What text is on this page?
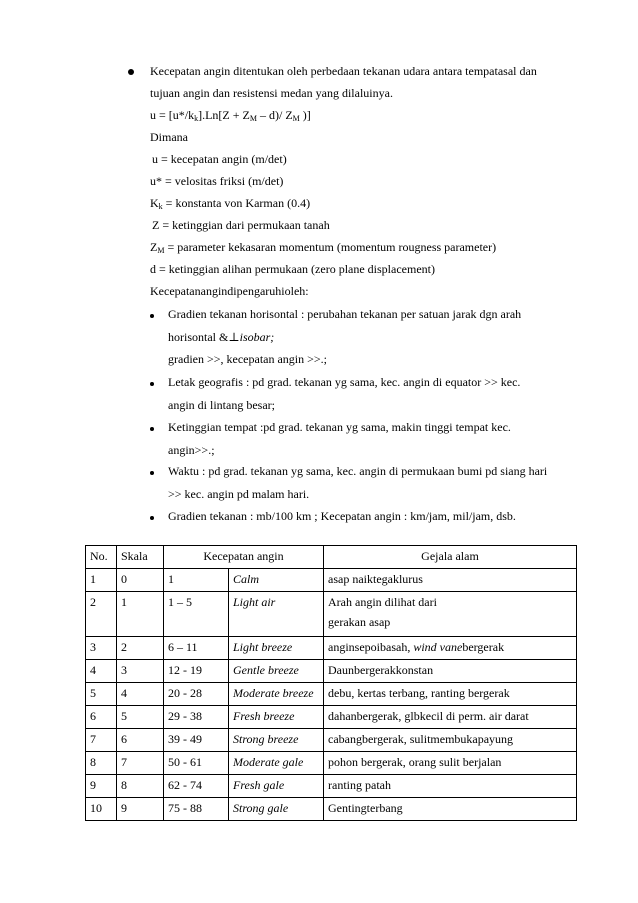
Kecepatan angin ditentukan oleh perbedaan tekanan udara antara tempatasal dan
tujuan angin dan resistensi medan yang dilaluinya.
$u = [u*/k_k].Ln[Z + Z_M - d)/$ $Z_M$ )]
Dimana
u = kecepatan angin (m/det)
u* = velositas friksi (m/det)
$K_k$ = konstanta von Karman (0.4)
Z = ketinggian dari permukaan tanah
$Z_M$ = parameter kekasaran momentum (momentum rougness parameter)
d = ketinggian alihan permukaan (zero plane displacement)
Kecepatanangindipengaruhioleh:
Gradien tekanan horisontal : perubahan tekanan per satuan jarak dgn arah
horisontal &⊥isobar;
gradien >>, kecepatan angin >>.;
Letak geografis : pd grad. tekanan yg sama, kec. angin di equator >> kec.
angin di lintang besar;
Ketinggian tempat :pd grad. tekanan yg sama, makin tinggi tempat kec.
angin>>.;
Waktu : pd grad. tekanan yg sama, kec. angin di permukaan bumi pd siang hari
>> kec. angin pd malam hari.
Gradien tekanan : mb/100 km ; Kecepatan angin : km/jam, mil/jam, dsb.
No.	Skala	Kecepatan angin		Gejala alam
1	0	1	Calm	asap naiktegaklurus
2	1	1 – 5	Light air	Arah angin dilihat dari
gerakan asap
3	2	6 – 11	Light breeze	anginsepoibasah, wind vanebergerak
4	3	12 - 19	Gentle breeze	Daunbergerakkonstan
5	4	20 - 28	Moderate breeze	debu, kertas terbang, ranting bergerak
6	5	29 - 38	Fresh breeze	dahanbergerak, glbkecil di perm. air darat
7	6	39 - 49	Strong breeze	cabangbergerak, sulitmembukapayung
8	7	50 - 61	Moderate gale	pohon bergerak, orang sulit berjalan
9	8	62 - 74	Fresh gale	ranting patah
10	9	75 - 88	Strong gale	Gentingterbang
